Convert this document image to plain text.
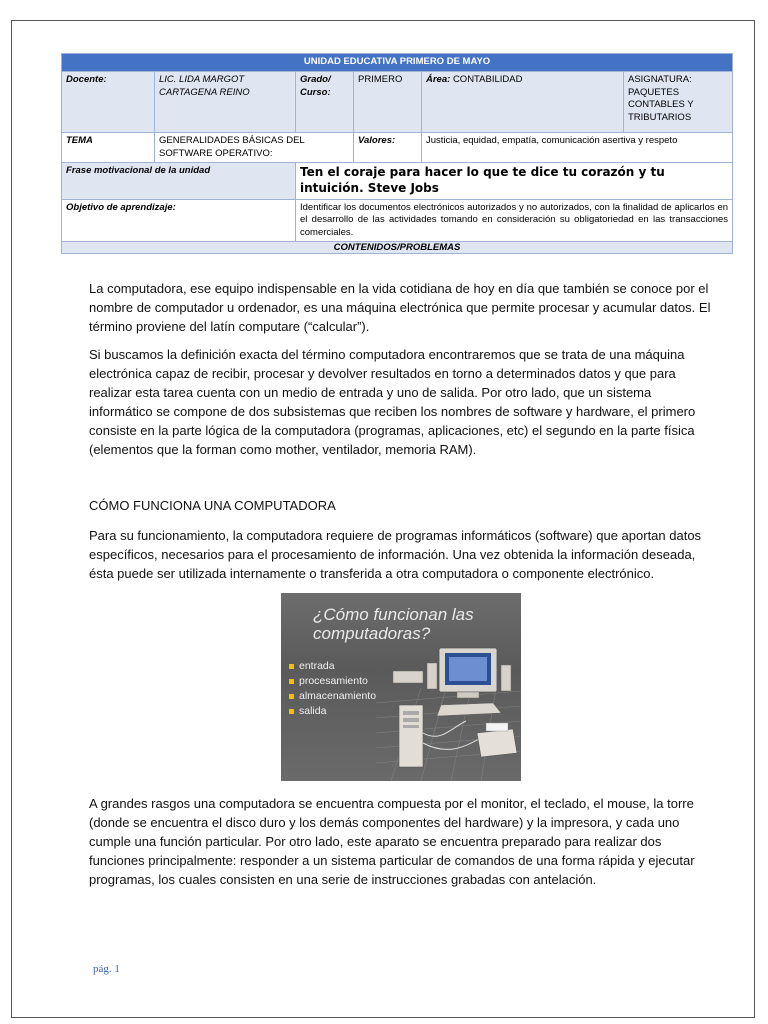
UNIDAD EDUCATIVA PRIMERO DE MAYO					
Docente:	LIC. LIDA MARGOT CARTAGENA REINO	Grado/ Curso:	PRIMERO	Área: CONTABILIDAD	ASIGNATURA: PAQUETES CONTABLES Y TRIBUTARIOS
TEMA	GENERALIDADES BÁSICAS DEL SOFTWARE OPERATIVO:		Valores:	Justicia, equidad, empatía, comunicación asertiva y respeto	
Frase motivacional de la unidad		Ten el coraje para hacer lo que te dice tu corazón y tu intuición. Steve Jobs			
Objetivo de aprendizaje:		Identificar los documentos electrónicos autorizados y no autorizados, con la finalidad de aplicarlos en el desarrollo de las actividades tomando en consideración su obligatoriedad en las transacciones comerciales.			
CONTENIDOS/PROBLEMAS					

La computadora, ese equipo indispensable en la vida cotidiana de hoy en día que también se conoce por el nombre de computador u ordenador, es una máquina electrónica que permite procesar y acumular datos. El término proviene del latín computare (“calcular”).

Si buscamos la definición exacta del término computadora encontraremos que se trata de una máquina electrónica capaz de recibir, procesar y devolver resultados en torno a determinados datos y que para realizar esta tarea cuenta con un medio de entrada y uno de salida. Por otro lado, que un sistema informático se compone de dos subsistemas que reciben los nombres de software y hardware, el primero consiste en la parte lógica de la computadora (programas, aplicaciones, etc) el segundo en la parte física (elementos que la forman como mother, ventilador, memoria RAM).

CÓMO FUNCIONA UNA COMPUTADORA

Para su funcionamiento, la computadora requiere de programas informáticos (software) que aportan datos específicos, necesarios para el procesamiento de información. Una vez obtenida la información deseada, ésta puede ser utilizada internamente o transferida a otra computadora o componente electrónico.

¿Cómo funcionan las
computadoras?
entrada
procesamiento
almacenamiento
salida

A grandes rasgos una computadora se encuentra compuesta por el monitor, el teclado, el mouse, la torre (donde se encuentra el disco duro y los demás componentes del hardware) y la impresora, y cada uno cumple una función particular. Por otro lado, este aparato se encuentra preparado para realizar dos funciones principalmente: responder a un sistema particular de comandos de una forma rápida y ejecutar programas, los cuales consisten en una serie de instrucciones grabadas con antelación.

pág. 1
